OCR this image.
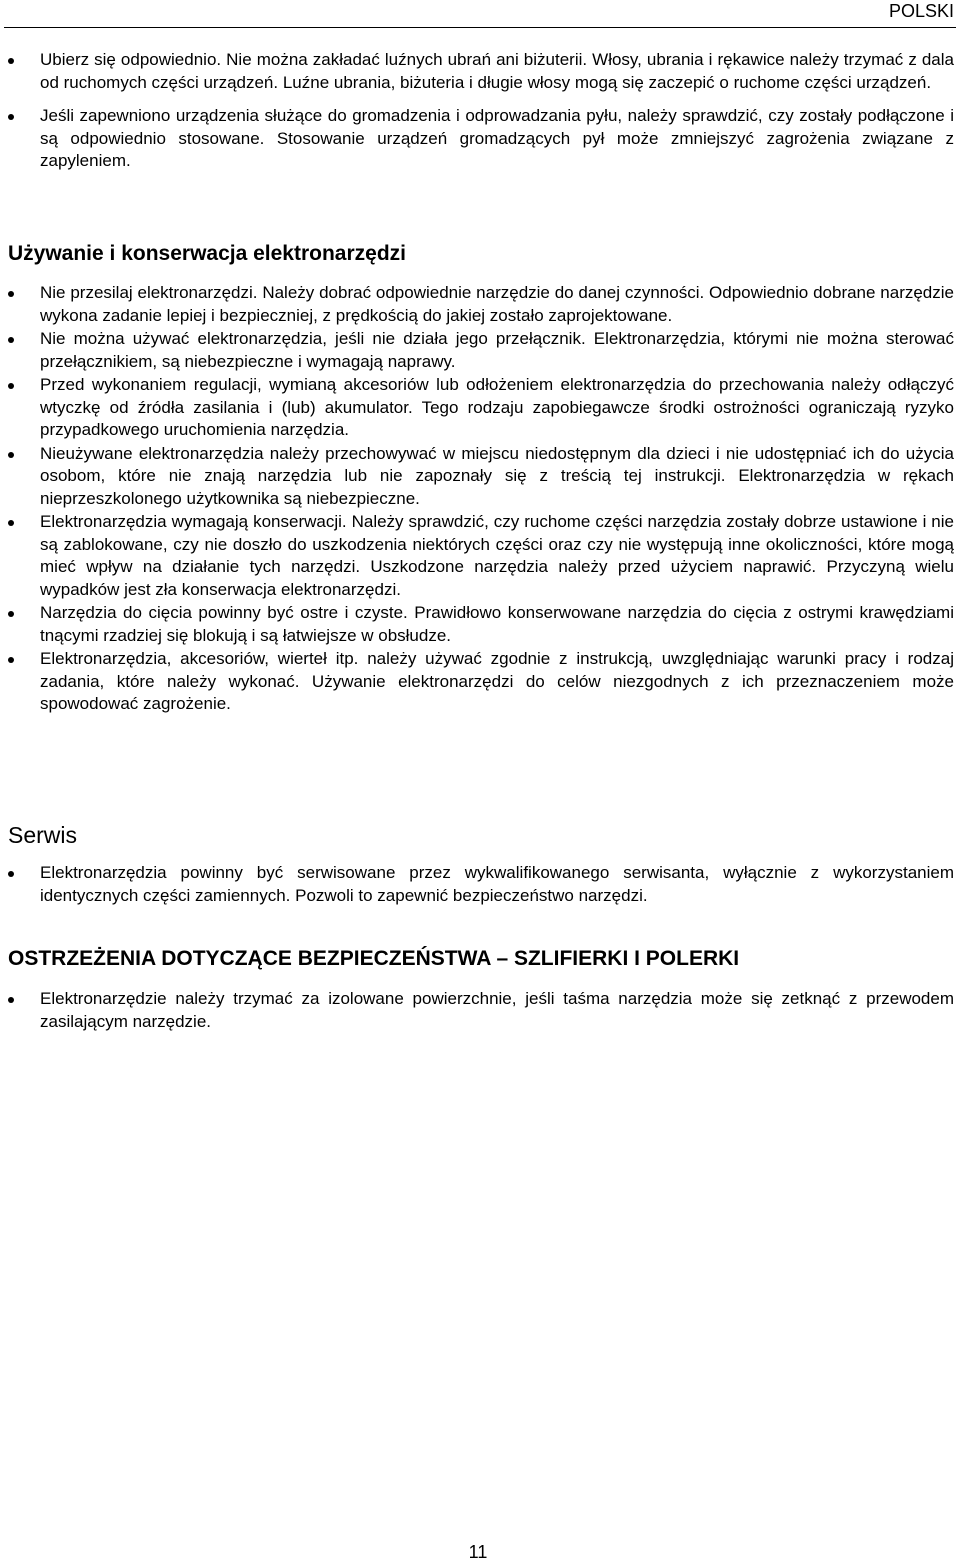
POLSKI
Ubierz się odpowiednio. Nie można zakładać luźnych ubrań ani biżuterii. Włosy, ubrania i rękawice należy trzymać z dala od ruchomych części urządzeń. Luźne ubrania, biżuteria i długie włosy mogą się zaczepić o ruchome części urządzeń.
Jeśli zapewniono urządzenia służące do gromadzenia i odprowadzania pyłu, należy sprawdzić, czy zostały podłączone i są odpowiednio stosowane. Stosowanie urządzeń gromadzących pył może zmniejszyć zagrożenia związane z zapyleniem.
Używanie i konserwacja elektronarzędzi
Nie przesilaj elektronarzędzi. Należy dobrać odpowiednie narzędzie do danej czynności. Odpowiednio dobrane narzędzie wykona zadanie lepiej i bezpieczniej, z prędkością do jakiej zostało zaprojektowane.
Nie można używać elektronarzędzia, jeśli nie działa jego przełącznik. Elektronarzędzia, którymi nie można sterować przełącznikiem, są niebezpieczne i wymagają naprawy.
Przed wykonaniem regulacji, wymianą akcesoriów lub odłożeniem elektronarzędzia do przechowania należy odłączyć wtyczkę od źródła zasilania i (lub) akumulator. Tego rodzaju zapobiegawcze środki ostrożności ograniczają ryzyko przypadkowego uruchomienia narzędzia.
Nieużywane elektronarzędzia należy przechowywać w miejscu niedostępnym dla dzieci i nie udostępniać ich do użycia osobom, które nie znają narzędzia lub nie zapoznały się z treścią tej instrukcji. Elektronarzędzia w rękach nieprzeszkolonego użytkownika są niebezpieczne.
Elektronarzędzia wymagają konserwacji. Należy sprawdzić, czy ruchome części narzędzia zostały dobrze ustawione i nie są zablokowane, czy nie doszło do uszkodzenia niektórych części oraz czy nie występują inne okoliczności, które mogą mieć wpływ na działanie tych narzędzi. Uszkodzone narzędzia należy przed użyciem naprawić. Przyczyną wielu wypadków jest zła konserwacja elektronarzędzi.
Narzędzia do cięcia powinny być ostre i czyste. Prawidłowo konserwowane narzędzia do cięcia z ostrymi krawędziami tnącymi rzadziej się blokują i są łatwiejsze w obsłudze.
Elektronarzędzia, akcesoriów, wierteł itp. należy używać zgodnie z instrukcją, uwzględniając warunki pracy i rodzaj zadania, które należy wykonać. Używanie elektronarzędzi do celów niezgodnych z ich przeznaczeniem może spowodować zagrożenie.
Serwis
Elektronarzędzia powinny być serwisowane przez wykwalifikowanego serwisanta, wyłącznie z wykorzystaniem identycznych części zamiennych. Pozwoli to zapewnić bezpieczeństwo narzędzi.
OSTRZEŻENIA DOTYCZĄCE BEZPIECZEŃSTWA – SZLIFIERKI I POLERKI
Elektronarzędzie należy trzymać za izolowane powierzchnie, jeśli taśma narzędzia może się zetknąć z przewodem zasilającym narzędzie.
11
